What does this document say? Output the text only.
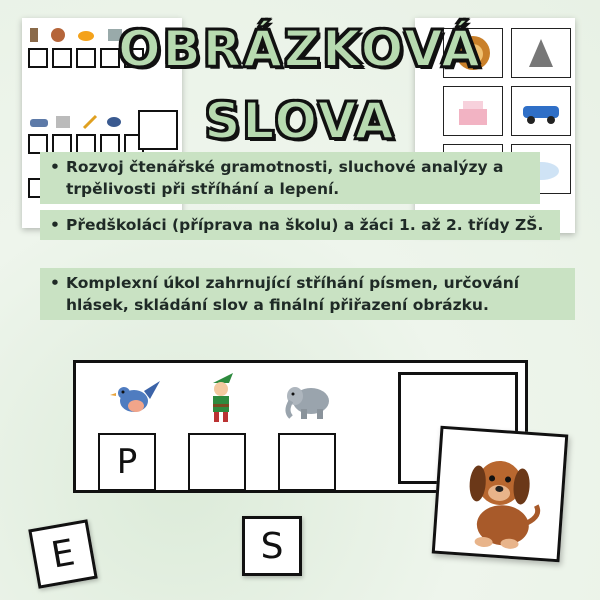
OBRÁZKOVÁ
SLOVA
• Rozvoj čtenářské gramotnosti, sluchové analýzy a trpělivosti při stříhání a lepení.
• Předškoláci (příprava na školu) a žáci 1. až 2. třídy ZŠ.
• Komplexní úkol zahrnující stříhání písmen, určování hlásek, skládání slov a finální přiřazení obrázku.
P
E	S
